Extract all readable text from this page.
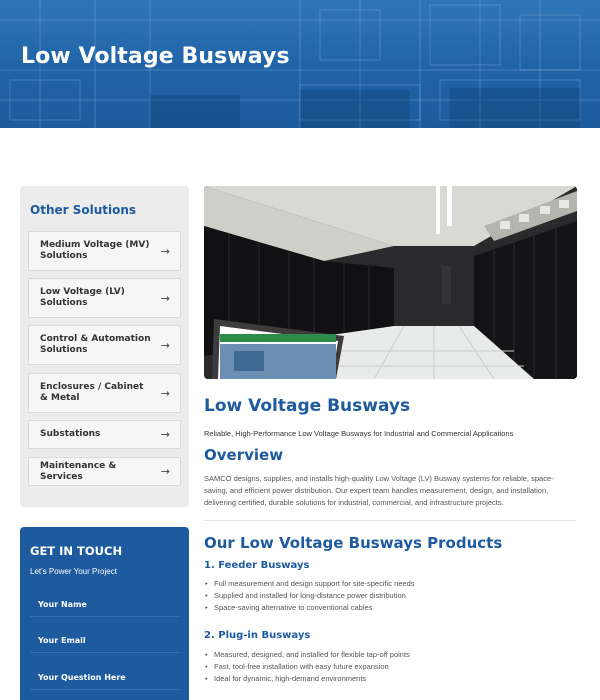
Low Voltage Busways
Other Solutions
Medium Voltage (MV) Solutions	→
Low Voltage (LV) Solutions	→
Control & Automation Solutions	→
Enclosures / Cabinet & Metal	→
Substations	→
Maintenance & Services	→
GET IN TOUCH
Let's Power Your Project
Your Name
Your Email
Your Question Here
Low Voltage Busways
Reliable, High-Performance Low Voltage Busways for Industrial and Commercial Applications
Overview

SAMCO designs, supplies, and installs high-quality Low Voltage (LV) Busway systems for reliable, space-saving, and efficient power distribution. Our expert team handles measurement, design, and installation, delivering certified, durable solutions for industrial, commercial, and infrastructure projects.

Our Low Voltage Busways Products
1. Feeder Busways
• Full measurement and design support for site-specific needs
• Supplied and installed for long-distance power distribution
• Space-saving alternative to conventional cables
2. Plug-in Busways
• Measured, designed, and installed for flexible tap-off points
• Fast, tool-free installation with easy future expansion
• Ideal for dynamic, high-demand environments
